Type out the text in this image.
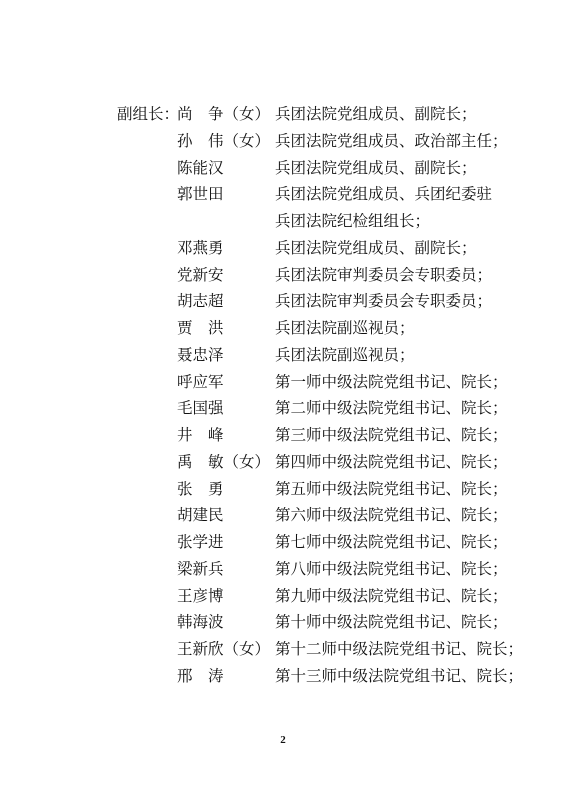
副组长：
尚　争（女） 兵团法院党组成员、副院长；
孙　伟（女） 兵团法院党组成员、政治部主任；
陈能汉	兵团法院党组成员、副院长；
郭世田	兵团法院党组成员、兵团纪委驻
兵团法院纪检组组长；
邓燕勇	兵团法院党组成员、副院长；
党新安	兵团法院审判委员会专职委员；
胡志超	兵团法院审判委员会专职委员；
贾　洪	兵团法院副巡视员；
聂忠泽	兵团法院副巡视员；
呼应军	第一师中级法院党组书记、院长；
毛国强	第二师中级法院党组书记、院长；
井　峰	第三师中级法院党组书记、院长；
禹　敏（女） 第四师中级法院党组书记、院长；
张　勇	第五师中级法院党组书记、院长；
胡建民	第六师中级法院党组书记、院长；
张学进	第七师中级法院党组书记、院长；
梁新兵	第八师中级法院党组书记、院长；
王彦博	第九师中级法院党组书记、院长；
韩海波	第十师中级法院党组书记、院长；
王新欣（女） 第十二师中级法院党组书记、院长；
邢　涛	第十三师中级法院党组书记、院长；
2
